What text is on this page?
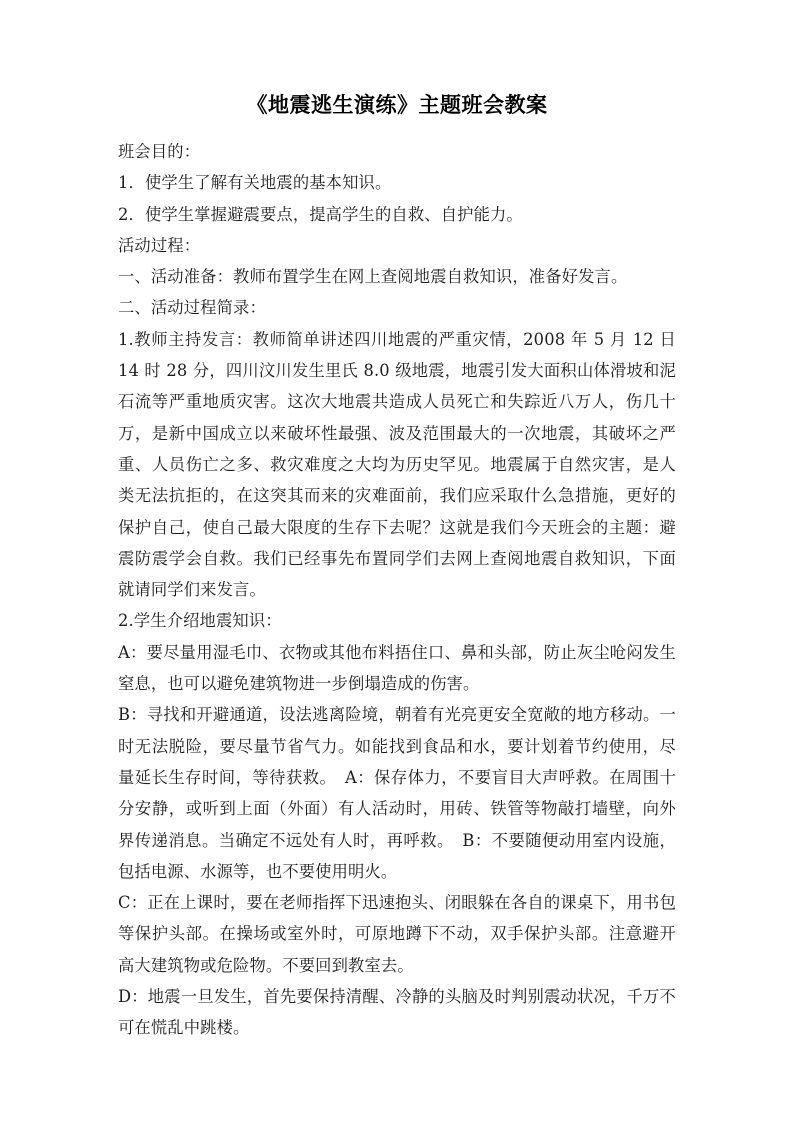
《地震逃生演练》主题班会教案

班会目的：

1．使学生了解有关地震的基本知识。

2．使学生掌握避震要点，提高学生的自救、自护能力。

活动过程：

一、活动准备：教师布置学生在网上查阅地震自救知识，准备好发言。

二、活动过程简录：

1.教师主持发言：教师简单讲述四川地震的严重灾情，2008 年 5 月 12 日 14 时 28 分，四川汶川发生里氏 8.0 级地震，地震引发大面积山体滑坡和泥石流等严重地质灾害。这次大地震共造成人员死亡和失踪近八万人，伤几十万，是新中国成立以来破坏性最强、波及范围最大的一次地震，其破坏之严重、人员伤亡之多、救灾难度之大均为历史罕见。地震属于自然灾害，是人类无法抗拒的，在这突其而来的灾难面前，我们应采取什么急措施，更好的保护自己，使自己最大限度的生存下去呢？这就是我们今天班会的主题：避震防震学会自救。我们已经事先布置同学们去网上查阅地震自救知识，下面就请同学们来发言。

2.学生介绍地震知识：

A：要尽量用湿毛巾、衣物或其他布料捂住口、鼻和头部，防止灰尘呛闷发生窒息，也可以避免建筑物进一步倒塌造成的伤害。

B：寻找和开避通道，设法逃离险境，朝着有光亮更安全宽敞的地方移动。一时无法脱险，要尽量节省气力。如能找到食品和水，要计划着节约使用，尽量延长生存时间，等待获救。　A：保存体力，不要盲目大声呼救。在周围十分安静，或听到上面（外面）有人活动时，用砖、铁管等物敲打墙壁，向外界传递消息。当确定不远处有人时，再呼救。　B：不要随便动用室内设施，包括电源、水源等，也不要使用明火。

C：正在上课时，要在老师指挥下迅速抱头、闭眼躲在各自的课桌下，用书包等保护头部。在操场或室外时，可原地蹲下不动，双手保护头部。注意避开高大建筑物或危险物。不要回到教室去。

D：地震一旦发生，首先要保持清醒、冷静的头脑及时判别震动状况，千万不可在慌乱中跳楼。
